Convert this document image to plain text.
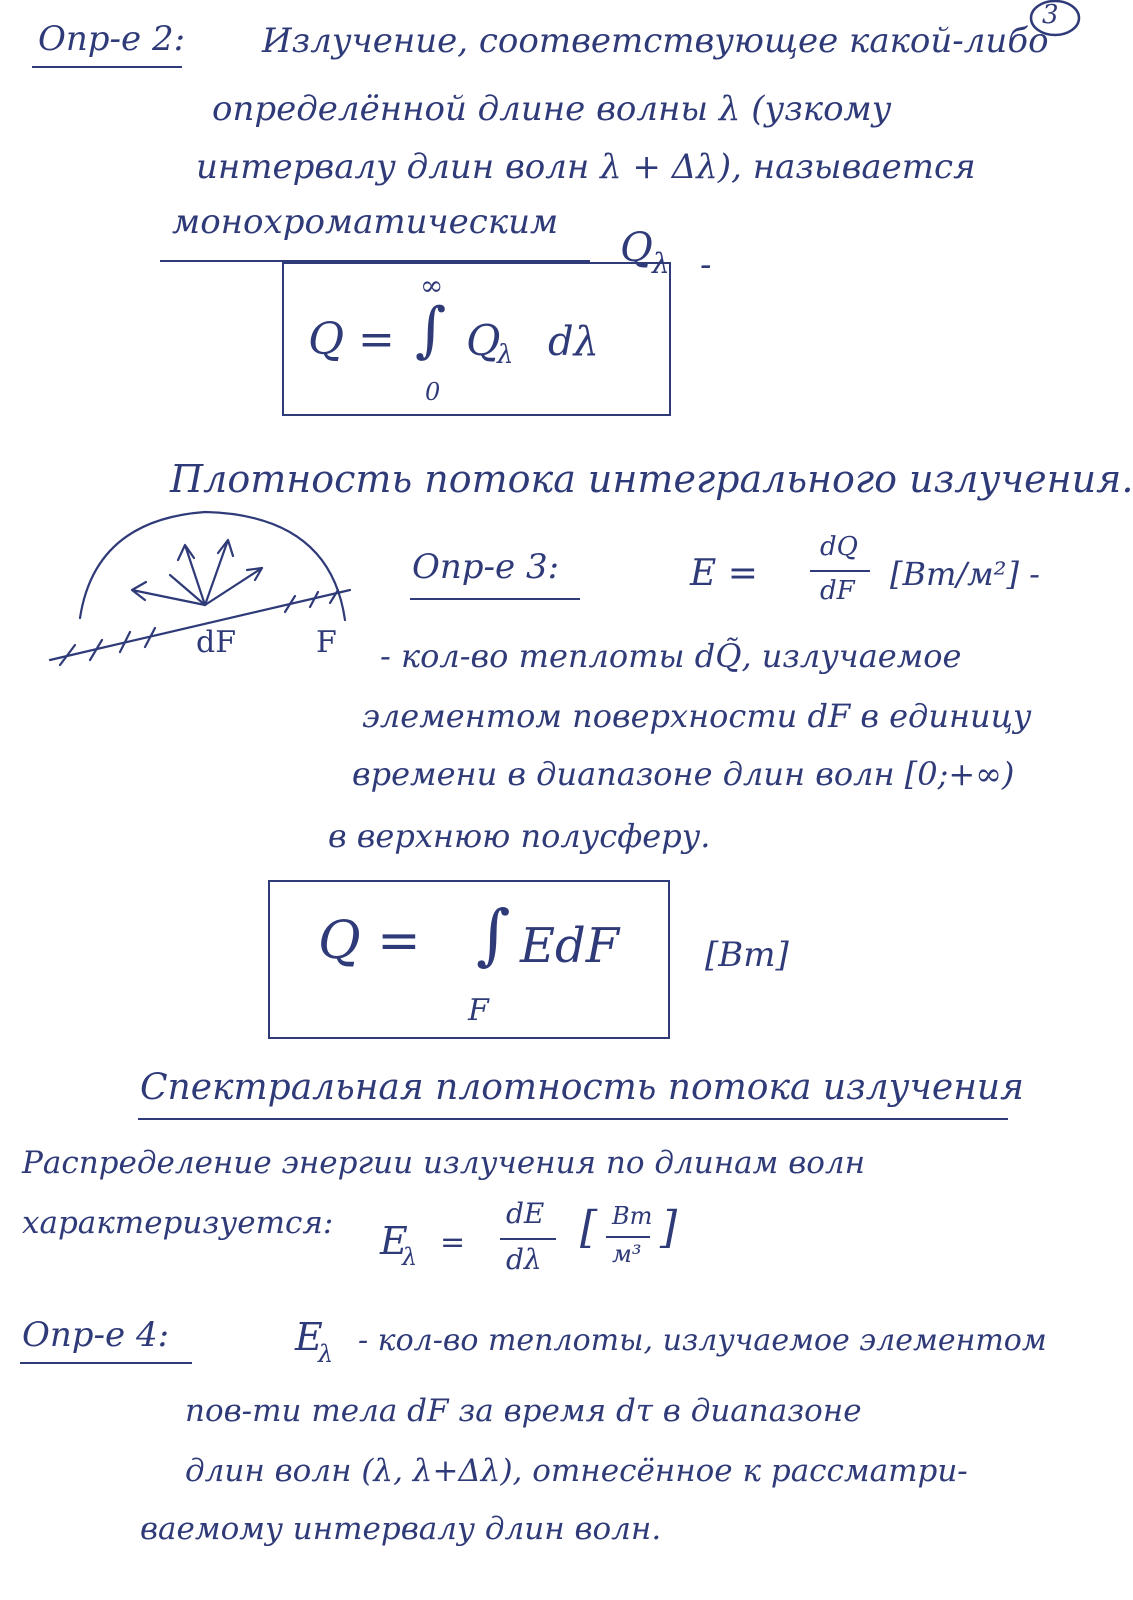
3
Опр-е 2: Излучение, соответствующее какой-либо
определённой длине волны λ (узкому
интервалу длин волн λ + Δλ), называется
монохроматическим
Q λ -
Q =
∞
∫ Q
λ dλ
0
Плотность потока интегрального излучения.
dF	F
Опр-е 3:	E =
dQ
dF [Вт/м²] -
- кол-во теплоты dQ̃, излучаемое
элементом поверхности dF в единицу
времени в диапазоне длин волн [0;+∞)
в верхнюю полусферу.
Q = ∫ EdF
F
[Вт]
Спектральная плотность потока излучения
Распределение энергии излучения по длинам волн
характеризуется: E
λ =
dE
dλ
[ Вт
м³
]
Опр-е 4:	E
λ - кол-во теплоты, излучаемое элементом
пов-ти тела dF за время dτ в диапазоне
длин волн (λ, λ+Δλ), отнесённое к рассматри-
ваемому интервалу длин волн.
